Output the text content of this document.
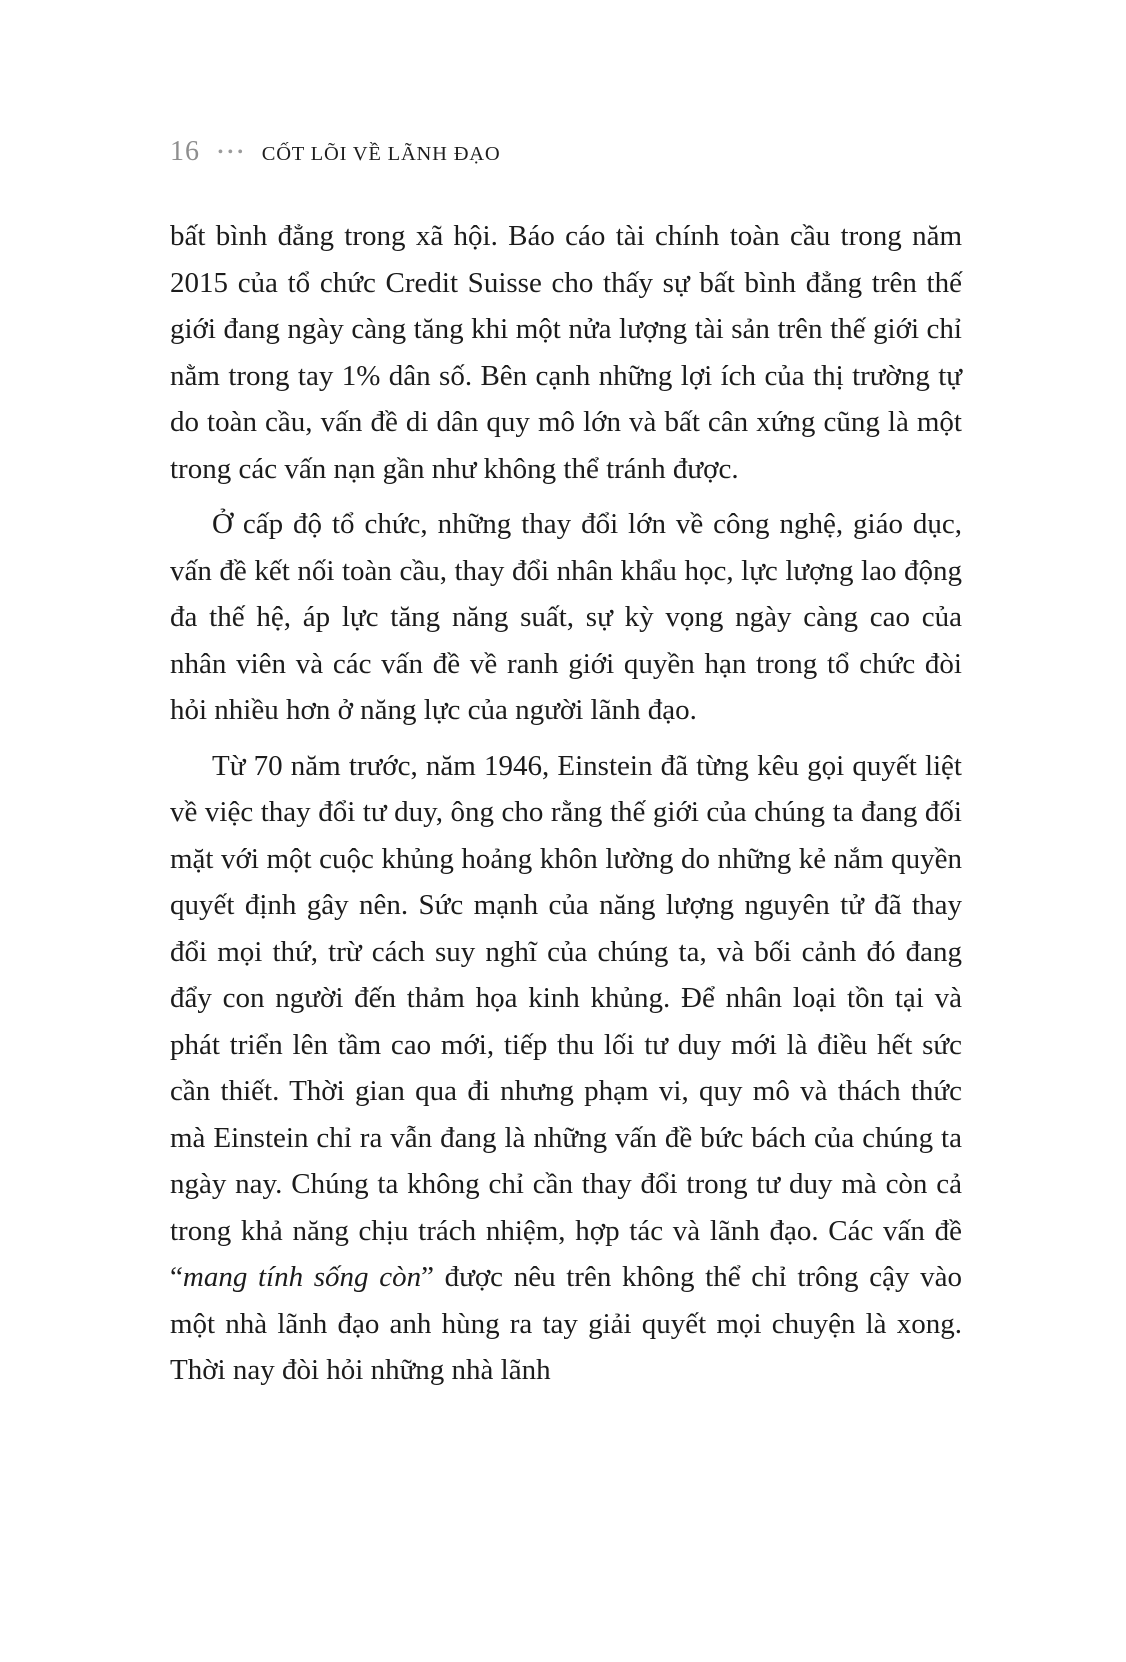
16 ••• CỐT LÕI VỀ LÃNH ĐẠO

bất bình đẳng trong xã hội. Báo cáo tài chính toàn cầu trong năm 2015 của tổ chức Credit Suisse cho thấy sự bất bình đẳng trên thế giới đang ngày càng tăng khi một nửa lượng tài sản trên thế giới chỉ nằm trong tay 1% dân số. Bên cạnh những lợi ích của thị trường tự do toàn cầu, vấn đề di dân quy mô lớn và bất cân xứng cũng là một trong các vấn nạn gần như không thể tránh được.

Ở cấp độ tổ chức, những thay đổi lớn về công nghệ, giáo dục, vấn đề kết nối toàn cầu, thay đổi nhân khẩu học, lực lượng lao động đa thế hệ, áp lực tăng năng suất, sự kỳ vọng ngày càng cao của nhân viên và các vấn đề về ranh giới quyền hạn trong tổ chức đòi hỏi nhiều hơn ở năng lực của người lãnh đạo.

Từ 70 năm trước, năm 1946, Einstein đã từng kêu gọi quyết liệt về việc thay đổi tư duy, ông cho rằng thế giới của chúng ta đang đối mặt với một cuộc khủng hoảng khôn lường do những kẻ nắm quyền quyết định gây nên. Sức mạnh của năng lượng nguyên tử đã thay đổi mọi thứ, trừ cách suy nghĩ của chúng ta, và bối cảnh đó đang đẩy con người đến thảm họa kinh khủng. Để nhân loại tồn tại và phát triển lên tầm cao mới, tiếp thu lối tư duy mới là điều hết sức cần thiết. Thời gian qua đi nhưng phạm vi, quy mô và thách thức mà Einstein chỉ ra vẫn đang là những vấn đề bức bách của chúng ta ngày nay. Chúng ta không chỉ cần thay đổi trong tư duy mà còn cả trong khả năng chịu trách nhiệm, hợp tác và lãnh đạo. Các vấn đề “mang tính sống còn” được nêu trên không thể chỉ trông cậy vào một nhà lãnh đạo anh hùng ra tay giải quyết mọi chuyện là xong. Thời nay đòi hỏi những nhà lãnh
